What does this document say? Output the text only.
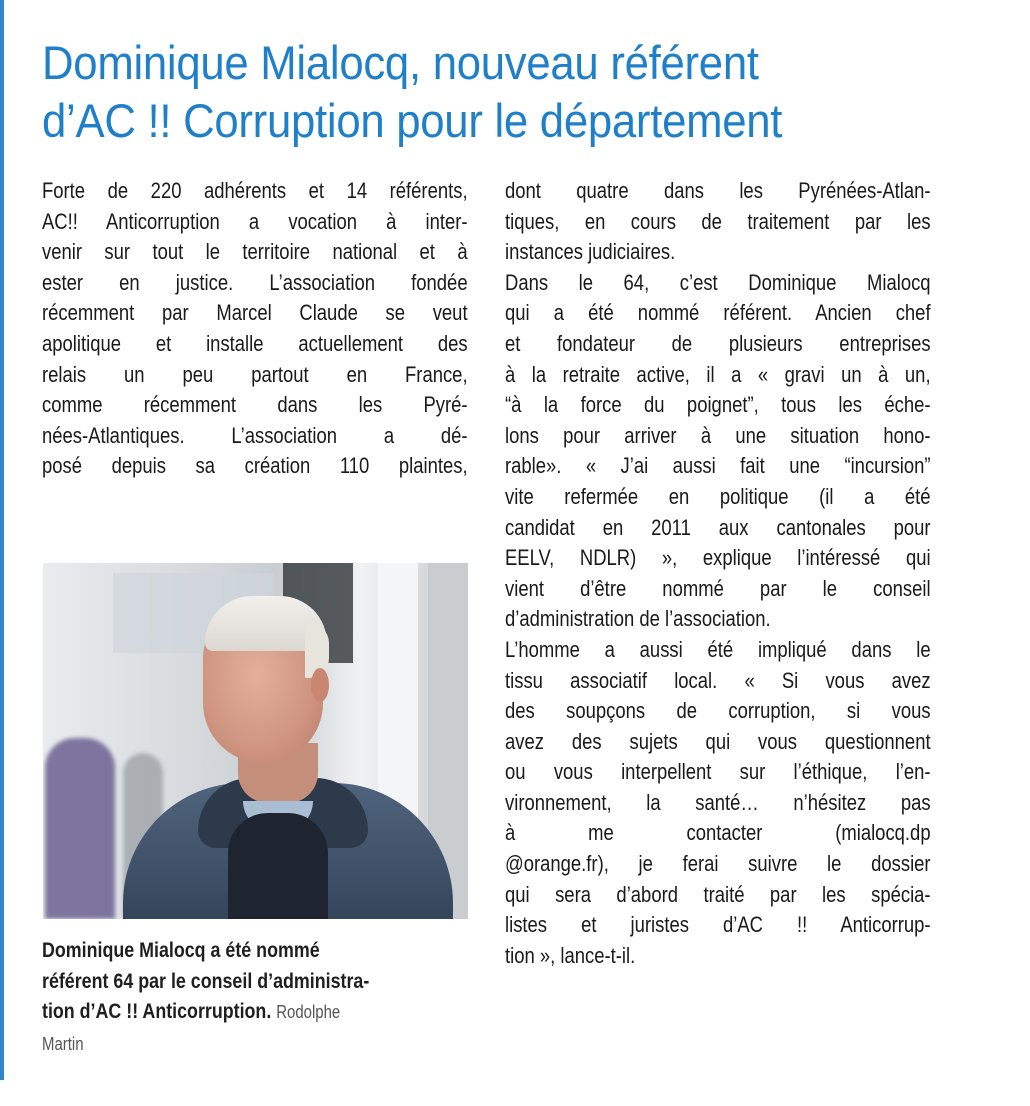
Dominique Mialocq, nouveau référent
d’AC !! Corruption pour le département
Forte de 220 adhérents et 14 référents,
AC!! Anticorruption a vocation à inter-
venir sur tout le territoire national et à
ester en justice. L’association fondée
récemment par Marcel Claude se veut
apolitique et installe actuellement des
relais un peu partout en France,
comme récemment dans les Pyré-
nées-Atlantiques. L’association a dé-
posé depuis sa création 110 plaintes,
Dominique Mialocq a été nommé
référent 64 par le conseil d’administra-
tion d’AC !! Anticorruption. Rodolphe
Martin
dont quatre dans les Pyrénées-Atlan-
tiques, en cours de traitement par les
instances judiciaires.
Dans le 64, c’est Dominique Mialocq
qui a été nommé référent. Ancien chef
et fondateur de plusieurs entreprises
à la retraite active, il a « gravi un à un,
“à la force du poignet”, tous les éche-
lons pour arriver à une situation hono-
rable». « J’ai aussi fait une “incursion”
vite refermée en politique (il a été
candidat en 2011 aux cantonales pour
EELV, NDLR) », explique l’intéressé qui
vient d’être nommé par le conseil
d’administration de l’association.
L’homme a aussi été impliqué dans le
tissu associatif local. « Si vous avez
des soupçons de corruption, si vous
avez des sujets qui vous questionnent
ou vous interpellent sur l’éthique, l’en-
vironnement, la santé… n’hésitez pas
à me contacter (mialocq.dp
@orange.fr), je ferai suivre le dossier
qui sera d’abord traité par les spécia-
listes et juristes d’AC !! Anticorrup-
tion », lance-t-il.
